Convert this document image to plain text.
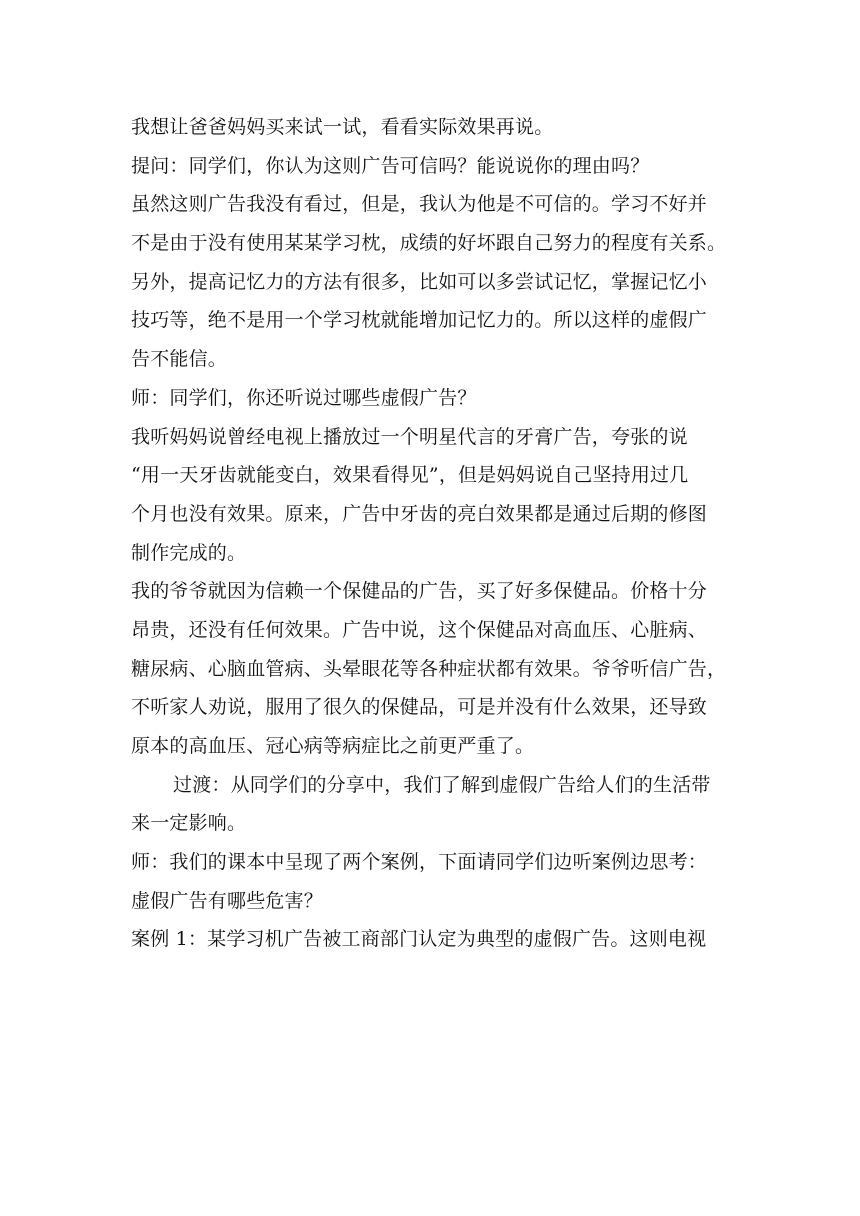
我想让爸爸妈妈买来试一试，看看实际效果再说。
提问：同学们，你认为这则广告可信吗？能说说你的理由吗？
虽然这则广告我没有看过，但是，我认为他是不可信的。学习不好并
不是由于没有使用某某学习枕，成绩的好坏跟自己努力的程度有关系。
另外，提高记忆力的方法有很多，比如可以多尝试记忆，掌握记忆小
技巧等，绝不是用一个学习枕就能增加记忆力的。所以这样的虚假广
告不能信。
师：同学们，你还听说过哪些虚假广告？
我听妈妈说曾经电视上播放过一个明星代言的牙膏广告，夸张的说
“用一天牙齿就能变白，效果看得见”，但是妈妈说自己坚持用过几
个月也没有效果。原来，广告中牙齿的亮白效果都是通过后期的修图
制作完成的。
我的爷爷就因为信赖一个保健品的广告，买了好多保健品。价格十分
昂贵，还没有任何效果。广告中说，这个保健品对高血压、心脏病、
糖尿病、心脑血管病、头晕眼花等各种症状都有效果。爷爷听信广告，
不听家人劝说，服用了很久的保健品，可是并没有什么效果，还导致
原本的高血压、冠心病等病症比之前更严重了。
过渡：从同学们的分享中，我们了解到虚假广告给人们的生活带
来一定影响。
师：我们的课本中呈现了两个案例，下面请同学们边听案例边思考：
虚假广告有哪些危害？
案例 1：某学习机广告被工商部门认定为典型的虚假广告。这则电视
